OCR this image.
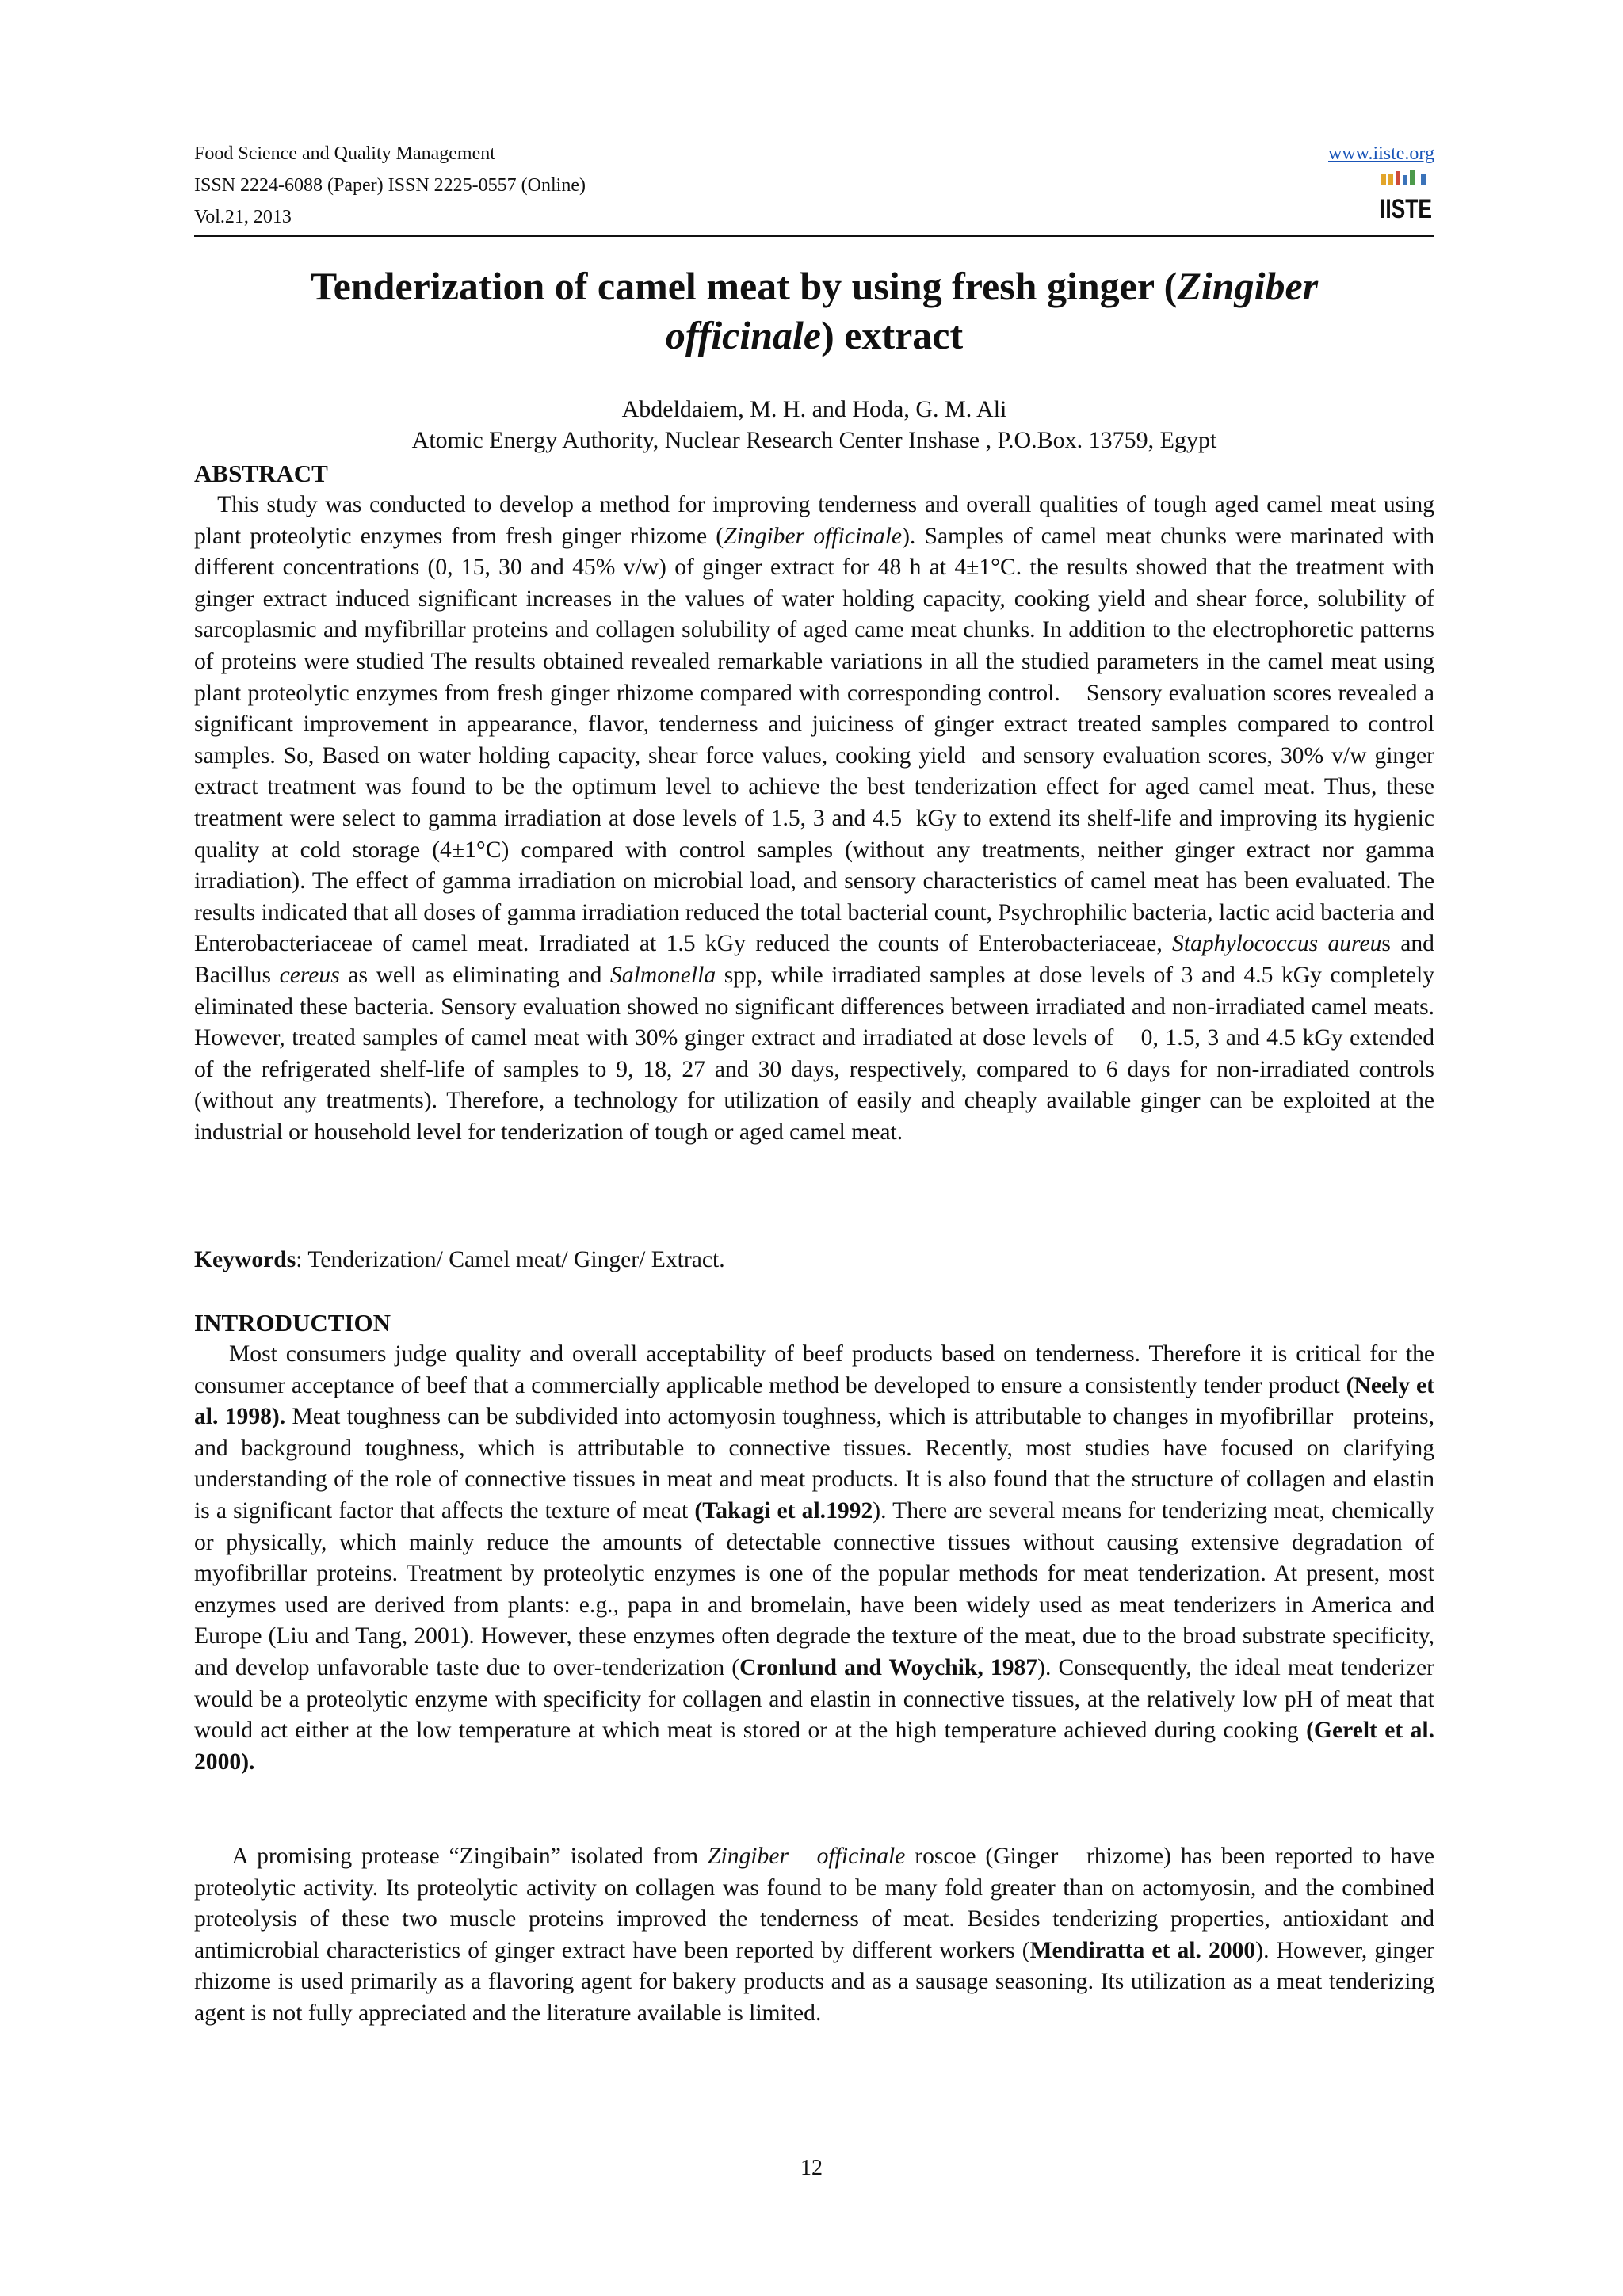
Food Science and Quality Management
ISSN 2224-6088 (Paper) ISSN 2225-0557 (Online)
Vol.21, 2013
www.iiste.org
IISTE
Tenderization of camel meat by using fresh ginger (Zingiber
officinale) extract
Abdeldaiem, M. H. and Hoda, G. M. Ali
Atomic Energy Authority, Nuclear Research Center Inshase , P.O.Box. 13759, Egypt
ABSTRACT
This study was conducted to develop a method for improving tenderness and overall qualities of tough aged camel meat using plant proteolytic enzymes from fresh ginger rhizome (Zingiber officinale). Samples of camel meat chunks were marinated with different concentrations (0, 15, 30 and 45% v/w) of ginger extract for 48 h at 4±1°C. the results showed that the treatment with ginger extract induced significant increases in the values of water holding capacity, cooking yield and shear force, solubility of sarcoplasmic and myfibrillar proteins and collagen solubility of aged came meat chunks. In addition to the electrophoretic patterns of proteins were studied The results obtained revealed remarkable variations in all the studied parameters in the camel meat using plant proteolytic enzymes from fresh ginger rhizome compared with corresponding control.    Sensory evaluation scores revealed a significant improvement in appearance, flavor, tenderness and juiciness of ginger extract treated samples compared to control samples. So, Based on water holding capacity, shear force values, cooking yield  and sensory evaluation scores, 30% v/w ginger extract treatment was found to be the optimum level to achieve the best tenderization effect for aged camel meat. Thus, these treatment were select to gamma irradiation at dose levels of 1.5, 3 and 4.5  kGy to extend its shelf-life and improving its hygienic quality at cold storage (4±1°C) compared with control samples (without any treatments, neither ginger extract nor gamma irradiation). The effect of gamma irradiation on microbial load, and sensory characteristics of camel meat has been evaluated. The results indicated that all doses of gamma irradiation reduced the total bacterial count, Psychrophilic bacteria, lactic acid bacteria and Enterobacteriaceae of camel meat. Irradiated at 1.5 kGy reduced the counts of Enterobacteriaceae, Staphylococcus aureus and Bacillus cereus as well as eliminating and Salmonella spp, while irradiated samples at dose levels of 3 and 4.5 kGy completely eliminated these bacteria. Sensory evaluation showed no significant differences between irradiated and non-irradiated camel meats. However, treated samples of camel meat with 30% ginger extract and irradiated at dose levels of    0, 1.5, 3 and 4.5 kGy extended of the refrigerated shelf-life of samples to 9, 18, 27 and 30 days, respectively, compared to 6 days for non-irradiated controls (without any treatments). Therefore, a technology for utilization of easily and cheaply available ginger can be exploited at the industrial or household level for tenderization of tough or aged camel meat.
Keywords: Tenderization/ Camel meat/ Ginger/ Extract.
INTRODUCTION
Most consumers judge quality and overall acceptability of beef products based on tenderness. Therefore it is critical for the consumer acceptance of beef that a commercially applicable method be developed to ensure a consistently tender product (Neely et al. 1998). Meat toughness can be subdivided into actomyosin toughness, which is attributable to changes in myofibrillar   proteins, and background toughness, which is attributable to connective tissues. Recently, most studies have focused on clarifying understanding of the role of connective tissues in meat and meat products. It is also found that the structure of collagen and elastin is a significant factor that affects the texture of meat (Takagi et al.1992). There are several means for tenderizing meat, chemically or physically, which mainly reduce the amounts of detectable connective tissues without causing extensive degradation of myofibrillar proteins. Treatment by proteolytic enzymes is one of the popular methods for meat tenderization. At present, most enzymes used are derived from plants: e.g., papa in and bromelain, have been widely used as meat tenderizers in America and Europe (Liu and Tang, 2001). However, these enzymes often degrade the texture of the meat, due to the broad substrate specificity, and develop unfavorable taste due to over-tenderization (Cronlund and Woychik, 1987). Consequently, the ideal meat tenderizer would be a proteolytic enzyme with specificity for collagen and elastin in connective tissues, at the relatively low pH of meat that would act either at the low temperature at which meat is stored or at the high temperature achieved during cooking (Gerelt et al. 2000).
A promising protease “Zingibain” isolated from Zingiber   officinale roscoe (Ginger   rhizome) has been reported to have proteolytic activity. Its proteolytic activity on collagen was found to be many fold greater than on actomyosin, and the combined proteolysis of these two muscle proteins improved the tenderness of meat. Besides tenderizing properties, antioxidant and antimicrobial characteristics of ginger extract have been reported by different workers (Mendiratta et al. 2000). However, ginger rhizome is used primarily as a flavoring agent for bakery products and as a sausage seasoning. Its utilization as a meat tenderizing agent is not fully appreciated and the literature available is limited.
12
